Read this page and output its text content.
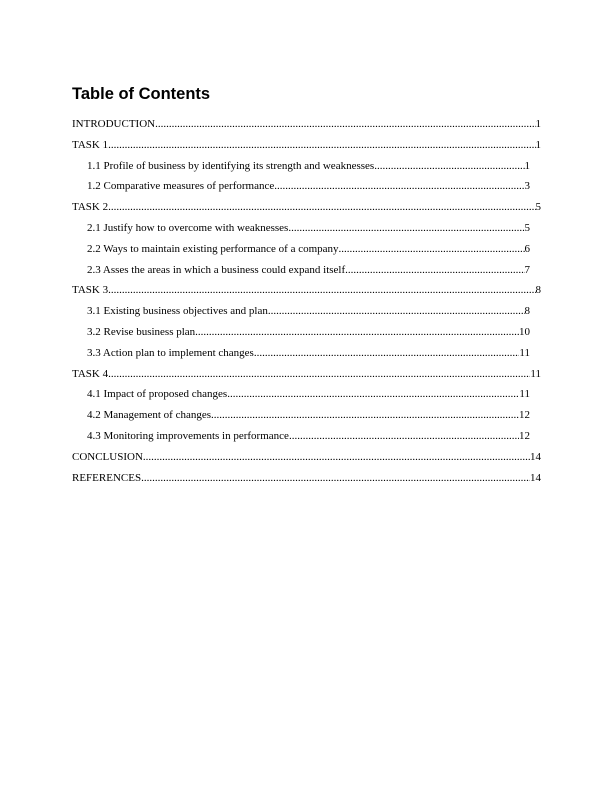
Table of Contents
INTRODUCTION .....	1
TASK 1 .....	1
1.1 Profile of business by identifying its strength and weaknesses .....	1
1.2 Comparative measures of performance .....	3
TASK 2 .....	5
2.1 Justify how to overcome with weaknesses .....	5
2.2 Ways to maintain existing performance of a company .....	6
2.3 Asses the areas in which a business could expand itself .....	7
TASK 3 .....	8
3.1 Existing business objectives and plan .....	8
3.2 Revise business plan .....	10
3.3 Action plan to implement changes .....	11
TASK 4 .....	11
4.1 Impact of proposed changes .....	11
4.2 Management of changes .....	12
4.3 Monitoring improvements in performance .....	12
CONCLUSION .....	14
REFERENCES .....	14
